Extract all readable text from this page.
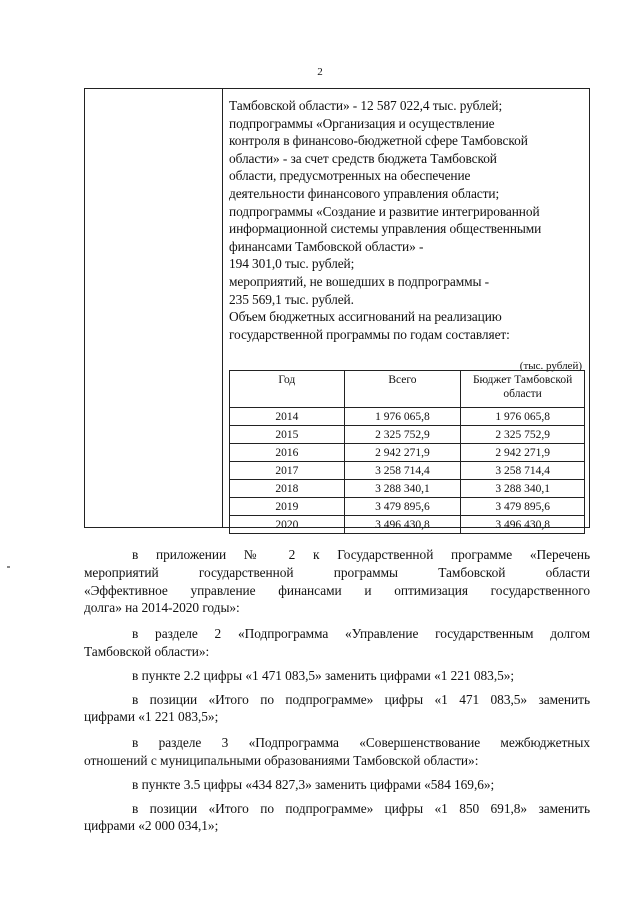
2
Тамбовской области» - 12 587 022,4 тыс. рублей;
подпрограммы «Организация и осуществление
контроля в финансово-бюджетной сфере Тамбовской
области» - за счет средств бюджета Тамбовской
области, предусмотренных на обеспечение
деятельности финансового управления области;
подпрограммы «Создание и развитие интегрированной
информационной системы управления общественными
финансами Тамбовской области» -
194 301,0 тыс. рублей;
мероприятий, не вошедших в подпрограммы -
235 569,1 тыс. рублей.
Объем бюджетных ассигнований на реализацию
государственной программы по годам составляет:
(тыс. рублей)
Год	Всего	Бюджет Тамбовской области
2014	1 976 065,8	1 976 065,8
2015	2 325 752,9	2 325 752,9
2016	2 942 271,9	2 942 271,9
2017	3 258 714,4	3 258 714,4
2018	3 288 340,1	3 288 340,1
2019	3 479 895,6	3 479 895,6
2020	3 496 430,8	3 496 430,8

в приложении № 2 к Государственной программе «Перечень
мероприятий государственной программы Тамбовской области
«Эффективное управление финансами и оптимизация государственного
долга» на 2014-2020 годы»:

в разделе 2 «Подпрограмма «Управление государственным долгом
Тамбовской области»:

в пункте 2.2 цифры «1 471 083,5» заменить цифрами «1 221 083,5»;

в позиции «Итого по подпрограмме» цифры «1 471 083,5» заменить
цифрами «1 221 083,5»;

в разделе 3 «Подпрограмма «Совершенствование межбюджетных
отношений с муниципальными образованиями Тамбовской области»:

в пункте 3.5 цифры «434 827,3» заменить цифрами «584 169,6»;

в позиции «Итого по подпрограмме» цифры «1 850 691,8» заменить
цифрами «2 000 034,1»;
